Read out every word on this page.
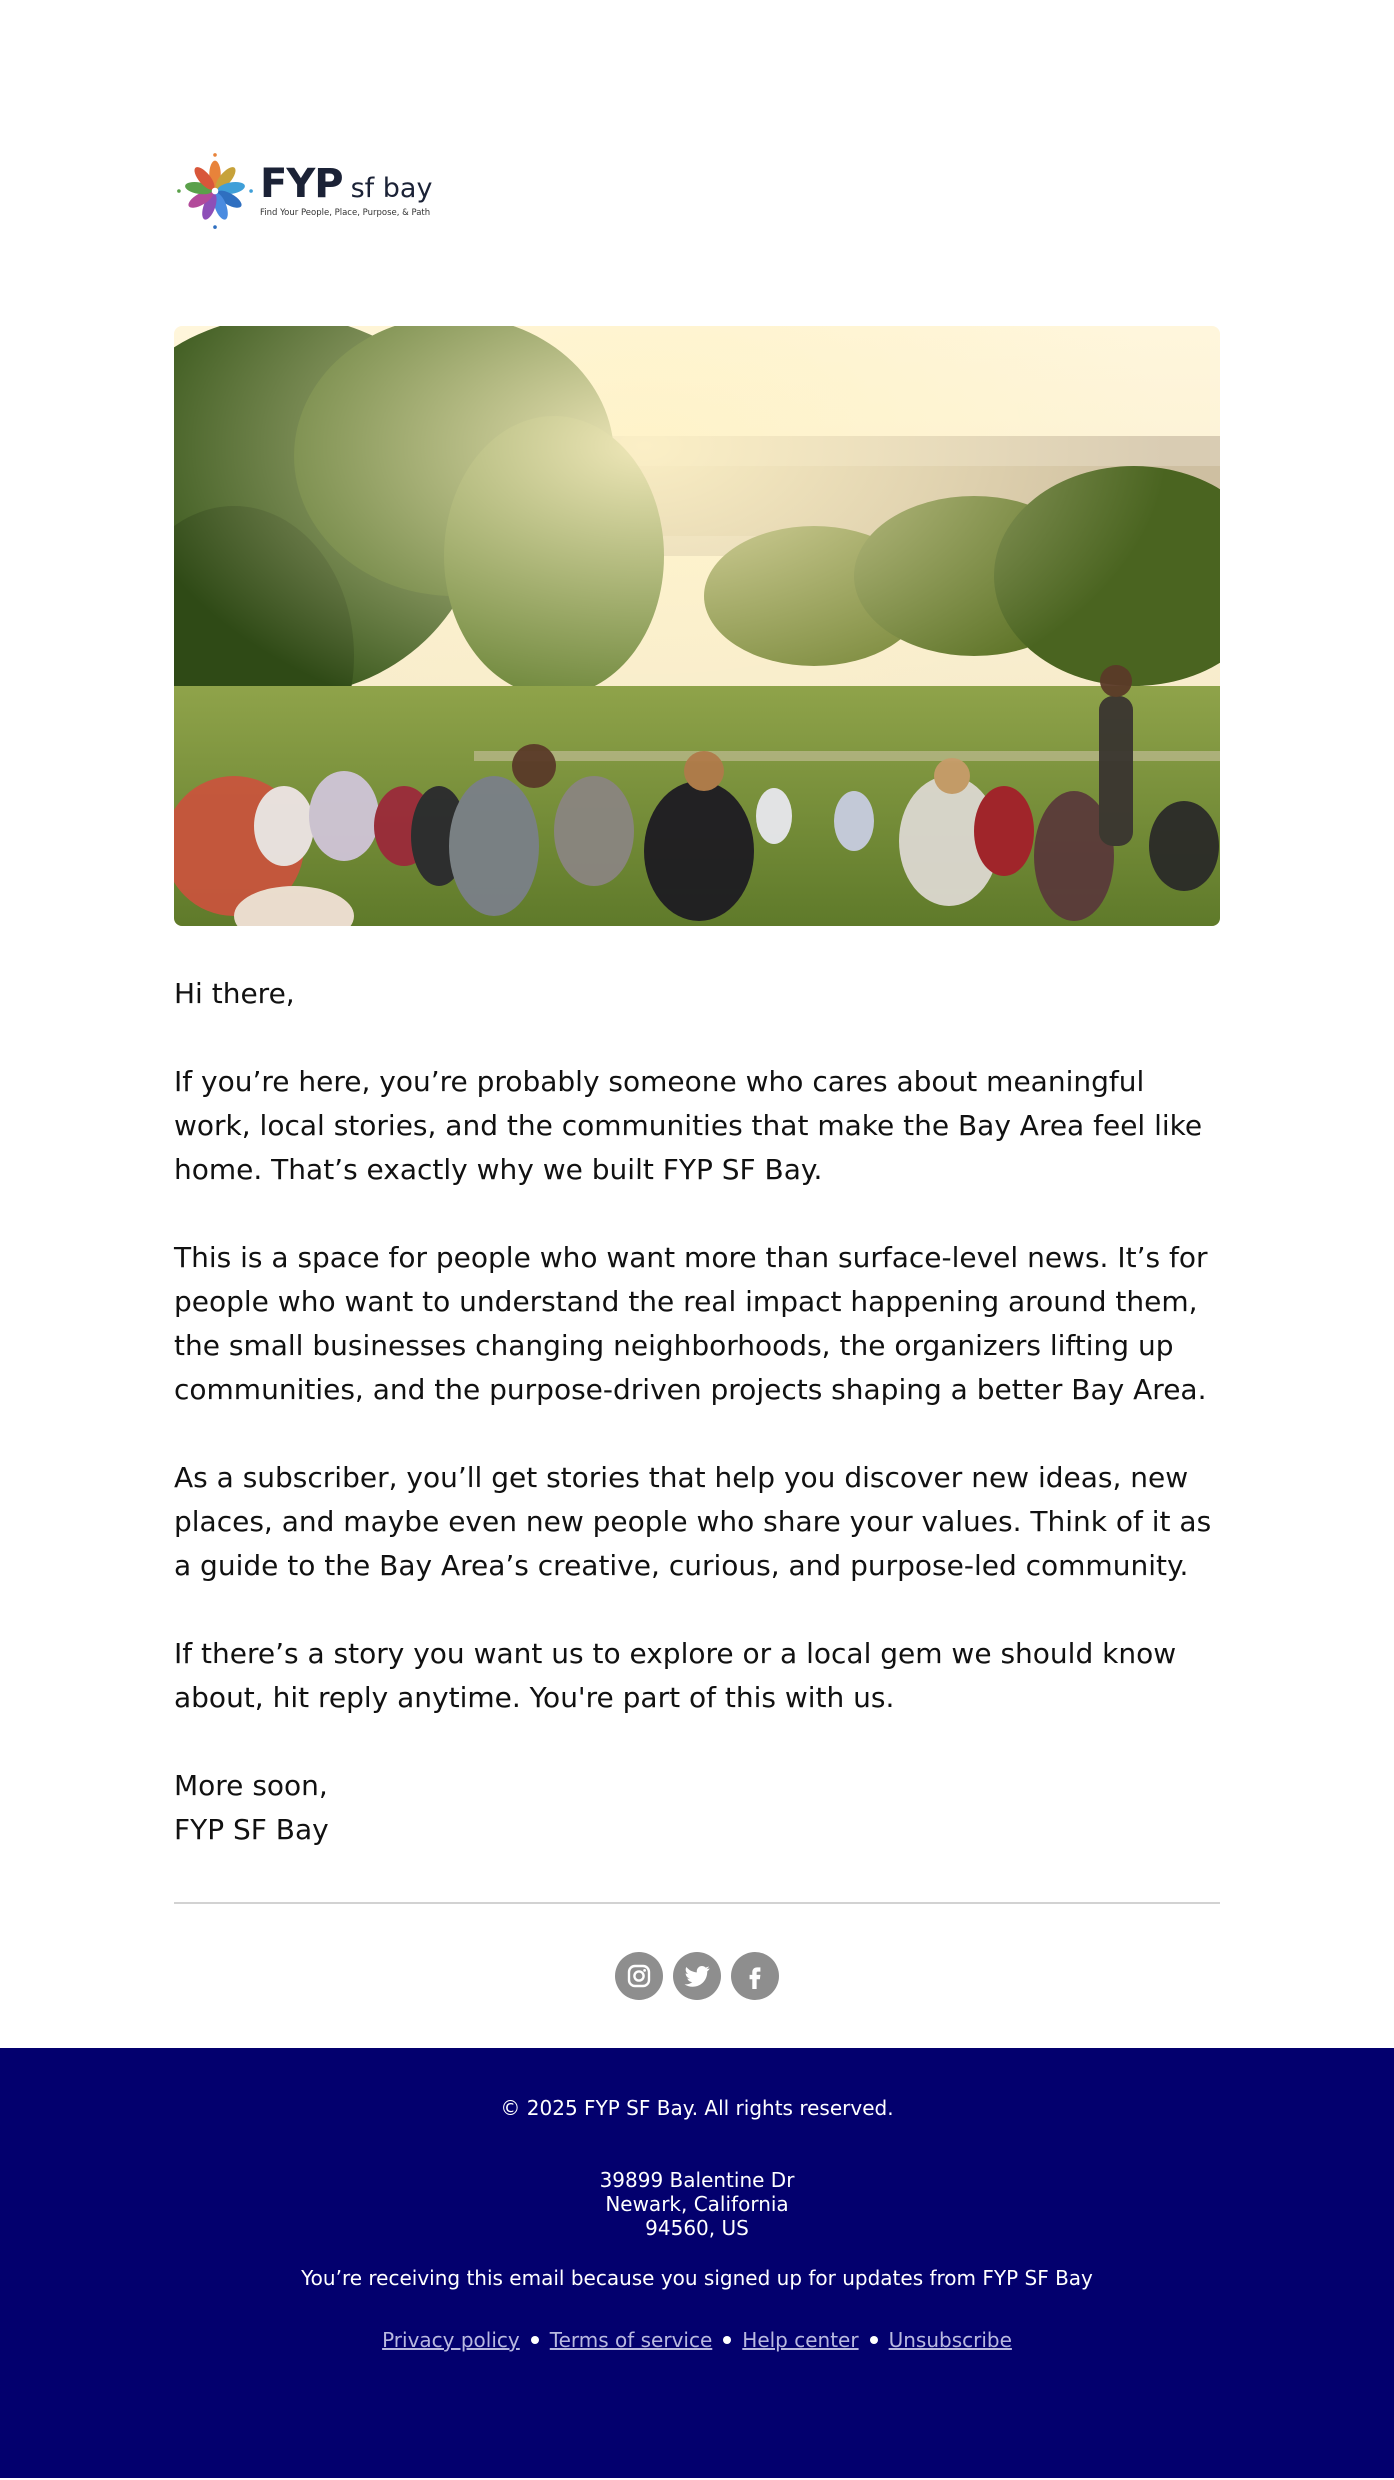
FYP sf bay
Find Your People, Place, Purpose, & Path

Hi there,

If you’re here, you’re probably someone who cares about meaningful work, local stories, and the communities that make the Bay Area feel like home. That’s exactly why we built FYP SF Bay.

This is a space for people who want more than surface-level news. It’s for people who want to understand the real impact happening around them, the small businesses changing neighborhoods, the organizers lifting up communities, and the purpose-driven projects shaping a better Bay Area.

As a subscriber, you’ll get stories that help you discover new ideas, new places, and maybe even new people who share your values. Think of it as a guide to the Bay Area’s creative, curious, and purpose-led community.

If there’s a story you want us to explore or a local gem we should know about, hit reply anytime. You're part of this with us.

More soon,

FYP SF Bay

© 2025 FYP SF Bay. All rights reserved.
39899 Balentine Dr
Newark, California
94560, US
You’re receiving this email because you signed up for updates from FYP SF Bay
Privacy policy Terms of service Help center Unsubscribe
